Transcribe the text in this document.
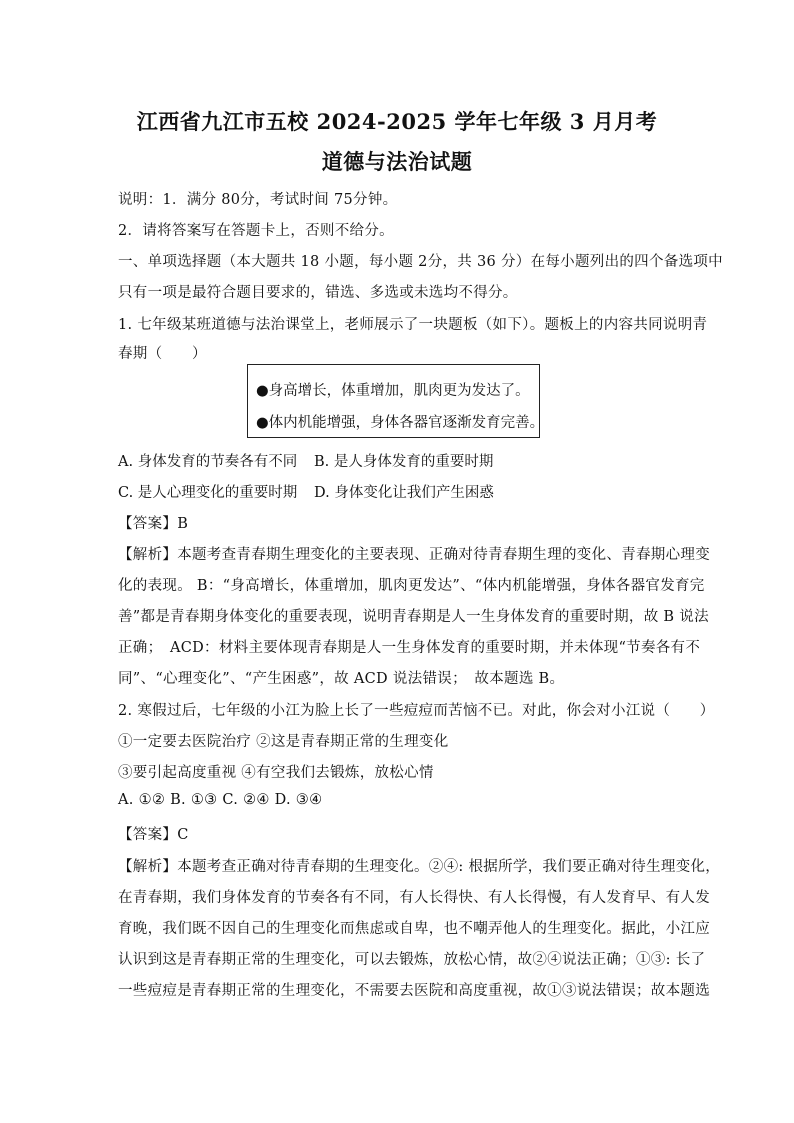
江西省九江市五校 2024-2025 学年七年级 3 月月考
道德与法治试题
说明：1．满分 80分，考试时间 75分钟。
2．请将答案写在答题卡上，否则不给分。
一、单项选择题（本大题共 18 小题，每小题 2分，共 36 分）在每小题列出的四个备选项中
只有一项是最符合题目要求的，错选、多选或未选均不得分。
1. 七年级某班道德与法治课堂上，老师展示了一块题板（如下）。题板上的内容共同说明青
春期（　　）
●身高增长，体重增加，肌肉更为发达了。
●体内机能增强，身体各器官逐渐发育完善。
A. 身体发育的节奏各有不同 B. 是人身体发育的重要时期
C. 是人心理变化的重要时期 D. 身体变化让我们产生困惑
【答案】B
【解析】本题考查青春期生理变化的主要表现、正确对待青春期生理的变化、青春期心理变
化的表现。 B：“身高增长，体重增加，肌肉更发达”、“体内机能增强，身体各器官发育完
善”都是青春期身体变化的重要表现，说明青春期是人一生身体发育的重要时期，故 B 说法
正确；　ACD：材料主要体现青春期是人一生身体发育的重要时期，并未体现“节奏各有不
同”、“心理变化”、“产生困惑”，故 ACD 说法错误；　故本题选 B。
2. 寒假过后，七年级的小江为脸上长了一些痘痘而苦恼不已。对此，你会对小江说（　　）
①一定要去医院治疗 ②这是青春期正常的生理变化
③要引起高度重视 ④有空我们去锻炼，放松心情
A. ①② B. ①③ C. ②④ D. ③④
【答案】C
【解析】本题考查正确对待青春期的生理变化。②④: 根据所学，我们要正确对待生理变化，
在青春期，我们身体发育的节奏各有不同，有人长得快、有人长得慢，有人发育早、有人发
育晚，我们既不因自己的生理变化而焦虑或自卑，也不嘲弄他人的生理变化。据此，小江应
认识到这是青春期正常的生理变化，可以去锻炼，放松心情，故②④说法正确；①③: 长了
一些痘痘是青春期正常的生理变化，不需要去医院和高度重视，故①③说法错误；故本题选
